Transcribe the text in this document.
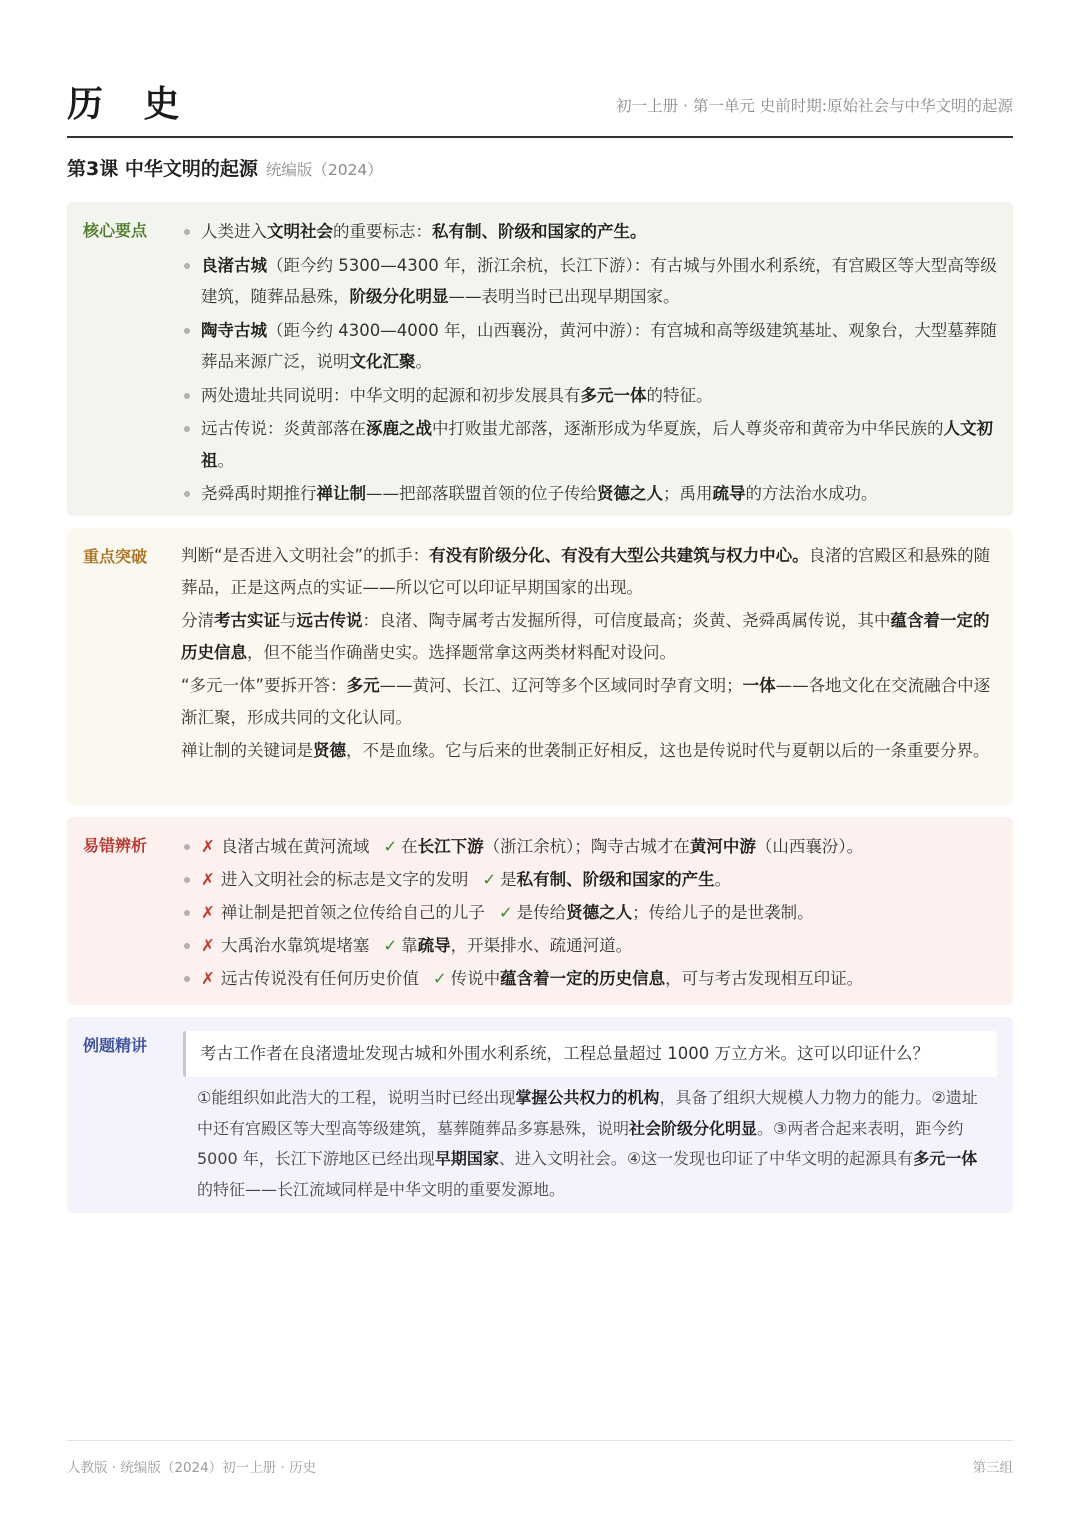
历 史	初一上册 · 第一单元 史前时期:原始社会与中华文明的起源
第3课 中华文明的起源 统编版（2024）
核心要点	人类进入文明社会的重要标志：私有制、阶级和国家的产生。
良渚古城（距今约 5300—4300 年，浙江余杭，长江下游）：有古城与外围水利系统，有宫殿区等大型高等级建筑，随葬品悬殊，阶级分化明显——表明当时已出现早期国家。
陶寺古城（距今约 4300—4000 年，山西襄汾，黄河中游）：有宫城和高等级建筑基址、观象台，大型墓葬随葬品来源广泛，说明文化汇聚。
两处遗址共同说明：中华文明的起源和初步发展具有多元一体的特征。
远古传说：炎黄部落在涿鹿之战中打败蚩尤部落，逐渐形成为华夏族，后人尊炎帝和黄帝为中华民族的人文初祖。
尧舜禹时期推行禅让制——把部落联盟首领的位子传给贤德之人；禹用疏导的方法治水成功。
重点突破 判断“是否进入文明社会”的抓手：有没有阶级分化、有没有大型公共建筑与权力中心。良渚的宫殿区和悬殊的随葬品，正是这两点的实证——所以它可以印证早期国家的出现。

分清考古实证与远古传说：良渚、陶寺属考古发掘所得，可信度最高；炎黄、尧舜禹属传说，其中蕴含着一定的历史信息，但不能当作确凿史实。选择题常拿这两类材料配对设问。

“多元一体”要拆开答：多元——黄河、长江、辽河等多个区域同时孕育文明；一体——各地文化在交流融合中逐渐汇聚，形成共同的文化认同。

禅让制的关键词是贤德，不是血缘。它与后来的世袭制正好相反，这也是传说时代与夏朝以后的一条重要分界。

易错辨析	✗ 良渚古城在黄河流域 ✓ 在长江下游（浙江余杭）；陶寺古城才在黄河中游（山西襄汾）。
✗ 进入文明社会的标志是文字的发明 ✓ 是私有制、阶级和国家的产生。
✗ 禅让制是把首领之位传给自己的儿子 ✓ 是传给贤德之人；传给儿子的是世袭制。
✗ 大禹治水靠筑堤堵塞 ✓ 靠疏导，开渠排水、疏通河道。
✗ 远古传说没有任何历史价值 ✓ 传说中蕴含着一定的历史信息，可与考古发现相互印证。
例题精讲	考古工作者在良渚遗址发现古城和外围水利系统，工程总量超过 1000 万立方米。这可以印证什么？
①能组织如此浩大的工程，说明当时已经出现掌握公共权力的机构，具备了组织大规模人力物力的能力。②遗址中还有宫殿区等大型高等级建筑，墓葬随葬品多寡悬殊，说明社会阶级分化明显。③两者合起来表明，距今约 5000 年，长江下游地区已经出现早期国家、进入文明社会。④这一发现也印证了中华文明的起源具有多元一体的特征——长江流域同样是中华文明的重要发源地。
人教版 · 统编版（2024）初一上册 · 历史	第三组
